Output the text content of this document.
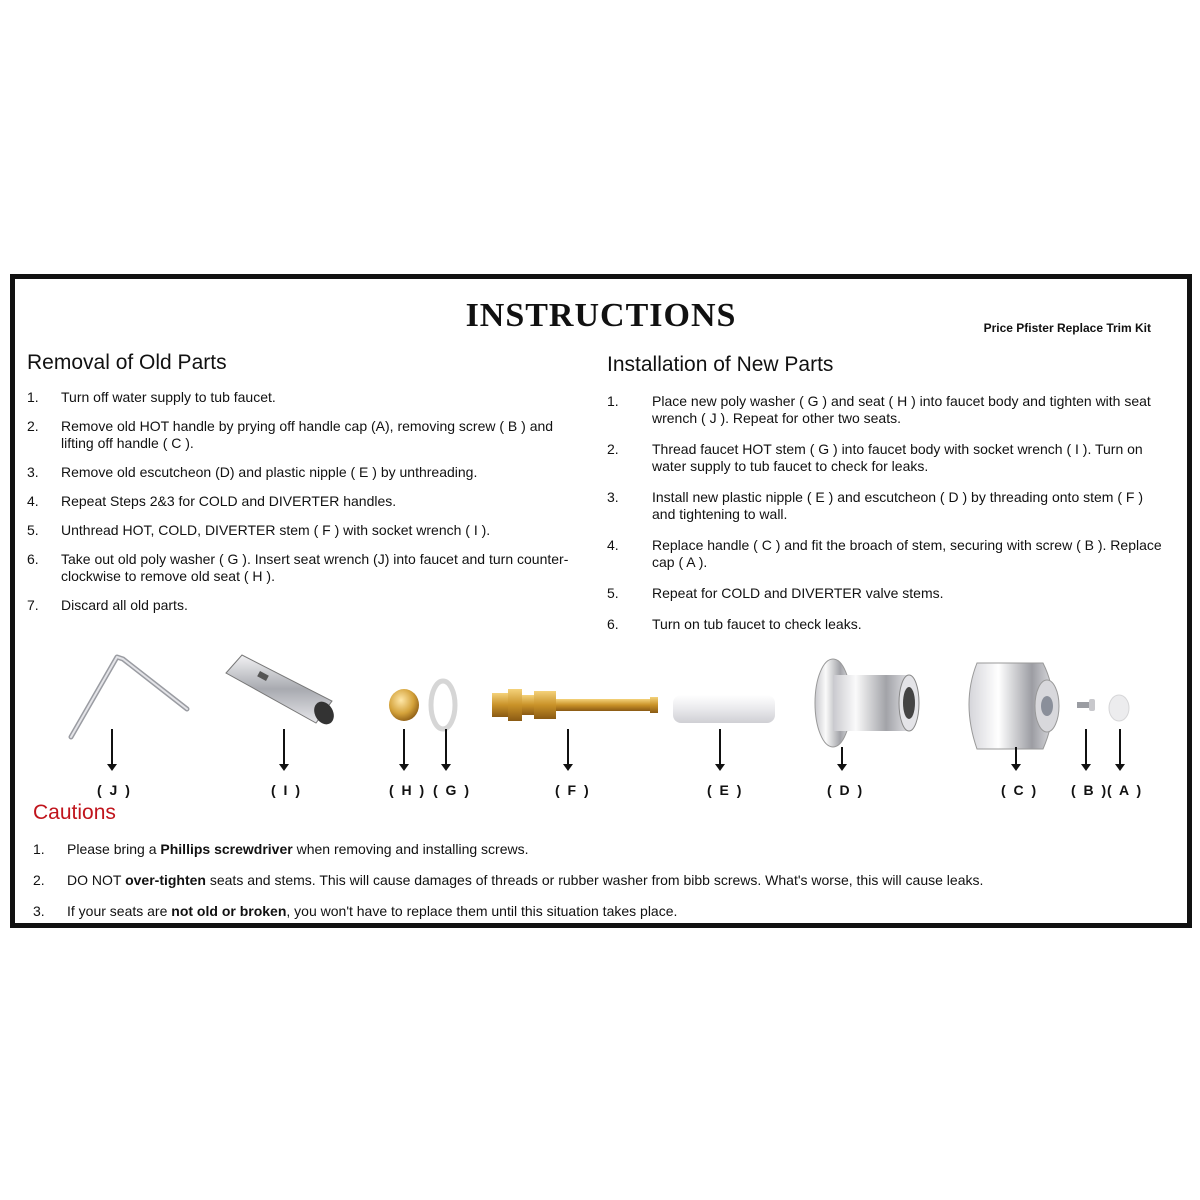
INSTRUCTIONS	Price Pfister Replace Trim Kit
Removal of Old Parts
1. Turn off water supply to tub faucet.
2. Remove old HOT handle by prying off handle cap (A), removing screw ( B ) and lifting off handle ( C ).
3. Remove old escutcheon (D) and plastic nipple ( E ) by unthreading.
4. Repeat Steps 2&3 for COLD and DIVERTER handles.
5. Unthread HOT, COLD, DIVERTER stem ( F ) with socket wrench ( I ).
6. Take out old poly washer ( G ). Insert seat wrench (J) into faucet and turn counter-clockwise to remove old seat ( H ).
7. Discard all old parts.
Installation of New Parts
1. Place new poly washer ( G ) and seat ( H ) into faucet body and tighten with seat wrench ( J ). Repeat for other two seats.
2. Thread faucet HOT stem ( G ) into faucet body with socket wrench ( I ). Turn on water supply to tub faucet to check for leaks.
3. Install new plastic nipple ( E ) and escutcheon ( D ) by threading onto stem ( F ) and tightening to wall.
4. Replace handle ( C ) and fit the broach of stem, securing with screw ( B ). Replace cap ( A ).
5. Repeat for COLD and DIVERTER valve stems.
6. Turn on tub faucet to check leaks.
( J )	( I )	( H ) ( G )	( F )	( E )	( D )	( C ) ( B )
( A )
Cautions
1. Please bring a Phillips screwdriver when removing and installing screws.
2. DO NOT over-tighten seats and stems. This will cause damages of threads or rubber washer from bibb screws. What's worse, this will cause leaks.
3. If your seats are not old or broken, you won't have to replace them until this situation takes place.
